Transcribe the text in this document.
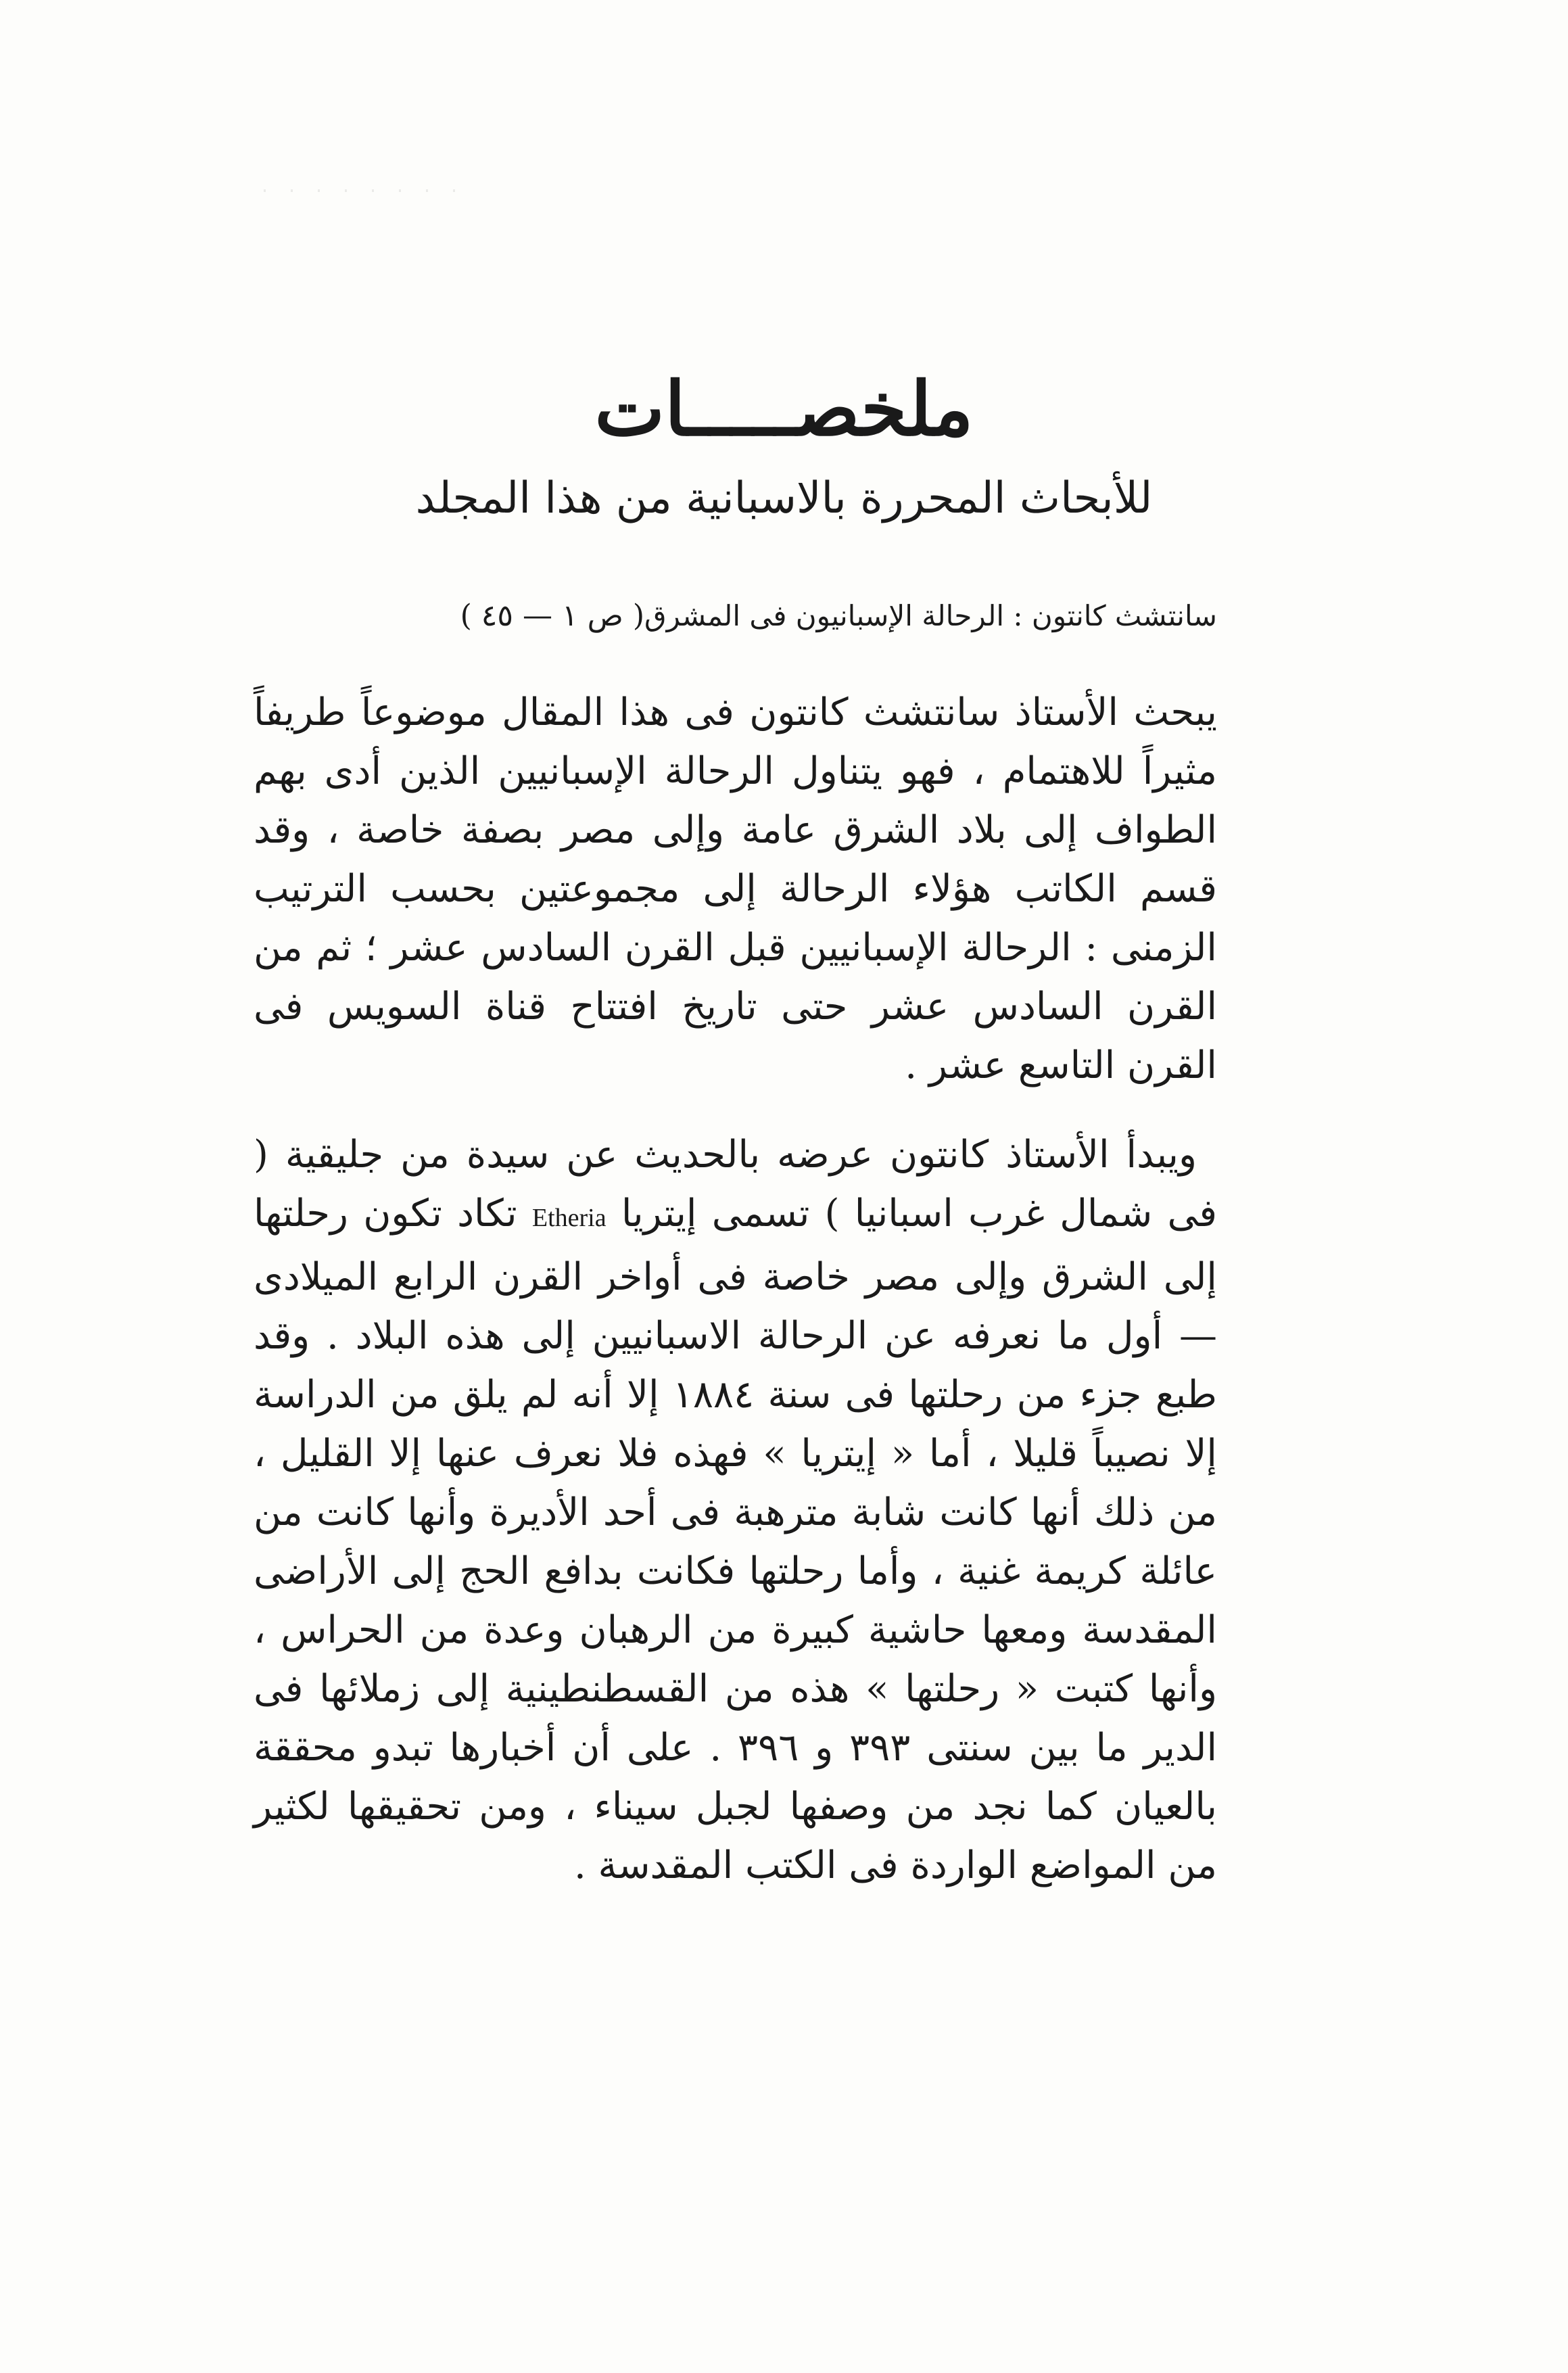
ملخصـــــات
للأبحاث المحررة بالاسبانية من هذا المجلد
سانتشث كانتون : الرحالة الإسبانيون فى المشرق
( ص ١ — ٤٥ )

يبحث الأستاذ سانتشث كانتون فى هذا المقال موضوعاً طريفاً مثيراً للاهتمام ، فهو يتناول الرحالة الإسبانيين الذين أدى بهم الطواف إلى بلاد الشرق عامة وإلى مصر بصفة خاصة ، وقد قسم الكاتب هؤلاء الرحالة إلى مجموعتين بحسب الترتيب الزمنى : الرحالة الإسبانيين قبل القرن السادس عشر ؛ ثم من القرن السادس عشر حتى تاريخ افتتاح قناة السويس فى القرن التاسع عشر .

ويبدأ الأستاذ كانتون عرضه بالحديث عن سيدة من جليقية ( فى شمال غرب اسبانيا ) تسمى إيتريا Etheria تكاد تكون رحلتها إلى الشرق وإلى مصر خاصة فى أواخر القرن الرابع الميلادى — أول ما نعرفه عن الرحالة الاسبانيين إلى هذه البلاد . وقد طبع جزء من رحلتها فى سنة ١٨٨٤ إلا أنه لم يلق من الدراسة إلا نصيباً قليلا ، أما « إيتريا » فهذه فلا نعرف عنها إلا القليل ، من ذلك أنها كانت شابة مترهبة فى أحد الأديرة وأنها كانت من عائلة كريمة غنية ، وأما رحلتها فكانت بدافع الحج إلى الأراضى المقدسة ومعها حاشية كبيرة من الرهبان وعدة من الحراس ، وأنها كتبت « رحلتها » هذه من القسطنطينية إلى زملائها فى الدير ما بين سنتى ٣٩٣ و ٣٩٦ . على أن أخبارها تبدو محققة بالعيان كما نجد من وصفها لجبل سيناء ، ومن تحقيقها لكثير من المواضع الواردة فى الكتب المقدسة .
